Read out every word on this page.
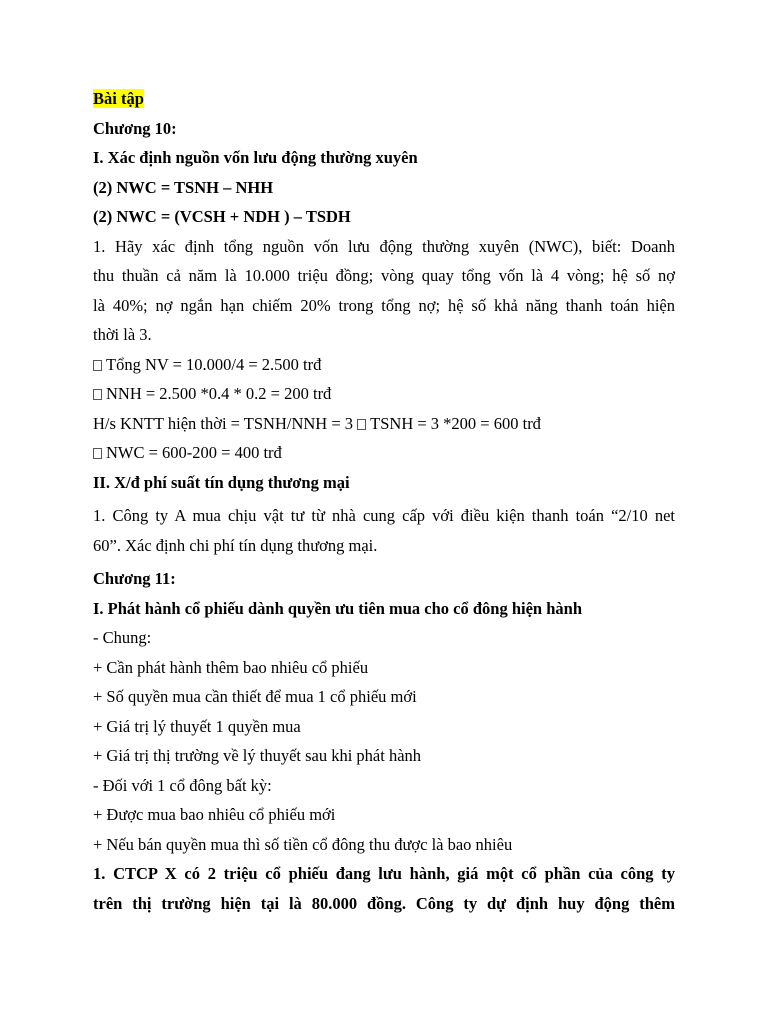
Bài tập
Chương 10:
I. Xác định nguồn vốn lưu động thường xuyên
(2) NWC = TSNH – NHH
(2) NWC = (VCSH + NDH ) – TSDH
1. Hãy xác định tổng nguồn vốn lưu động thường xuyên (NWC), biết: Doanh
thu thuần cả năm là 10.000 triệu đồng; vòng quay tổng vốn là 4 vòng; hệ số nợ
là 40%; nợ ngắn hạn chiếm 20% trong tổng nợ; hệ số khả năng thanh toán hiện
thời là 3.
Tổng NV = 10.000/4 = 2.500 trđ
NNH = 2.500 *0.4 * 0.2 = 200 trđ
H/s KNTT hiện thời = TSNH/NNH = 3 TSNH = 3 *200 = 600 trđ
NWC = 600-200 = 400 trđ
II. X/đ phí suất tín dụng thương mại
1. Công ty A mua chịu vật tư từ nhà cung cấp với điều kiện thanh toán “2/10 net
60”. Xác định chi phí tín dụng thương mại.
Chương 11:
I. Phát hành cổ phiếu dành quyền ưu tiên mua cho cổ đông hiện hành
- Chung:
+ Cần phát hành thêm bao nhiêu cổ phiếu
+ Số quyền mua cần thiết để mua 1 cổ phiếu mới
+ Giá trị lý thuyết 1 quyền mua
+ Giá trị thị trường về lý thuyết sau khi phát hành
- Đối với 1 cổ đông bất kỳ:
+ Được mua bao nhiêu cổ phiếu mới
+ Nếu bán quyền mua thì số tiền cổ đông thu được là bao nhiêu
1. CTCP X có 2 triệu cổ phiếu đang lưu hành, giá một cổ phần của công ty
trên thị trường hiện tại là 80.000 đồng. Công ty dự định huy động thêm
